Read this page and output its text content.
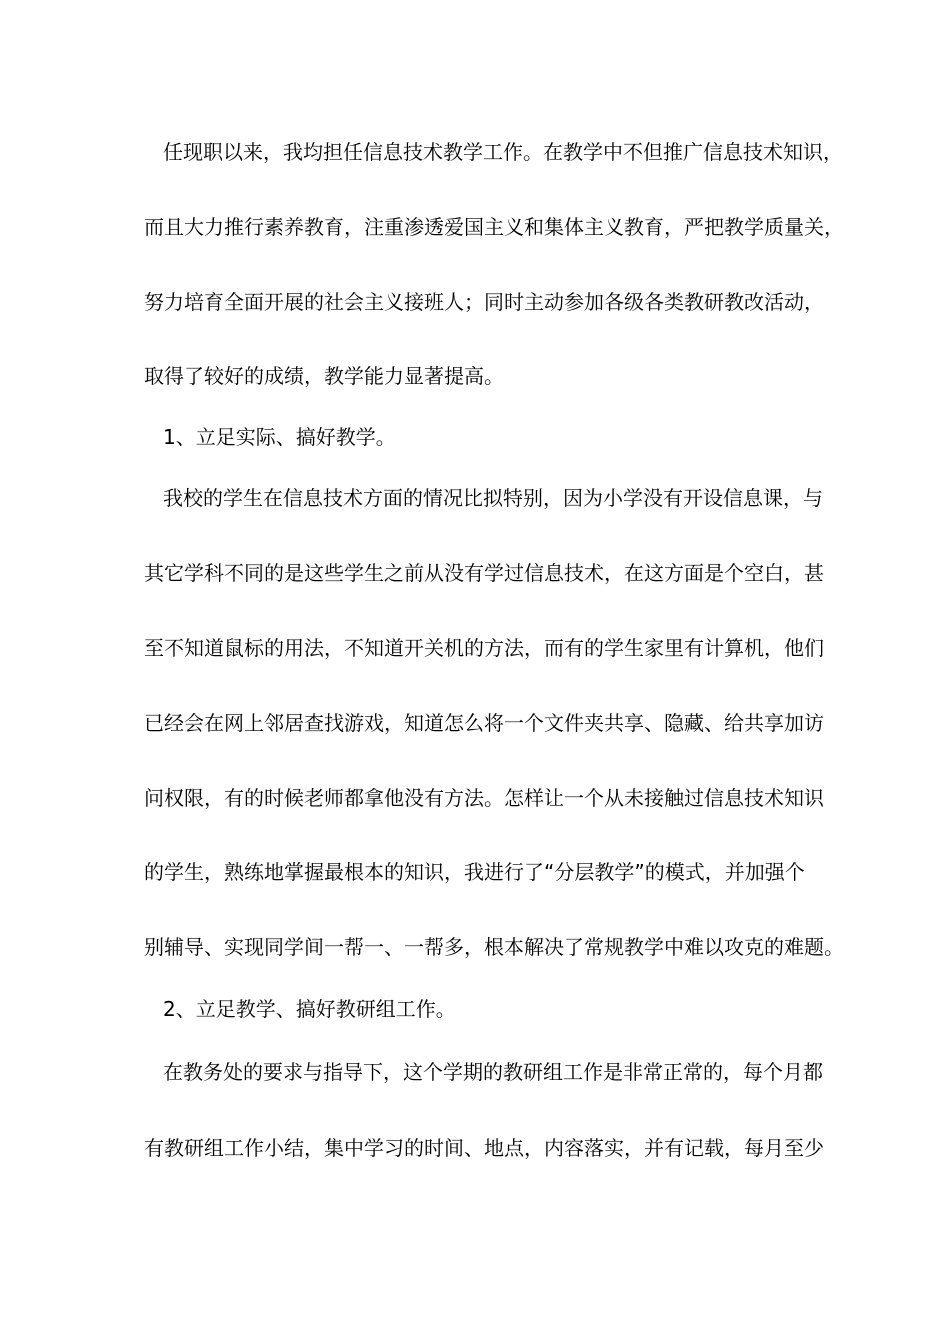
任现职以来，我均担任信息技术教学工作。在教学中不但推广信息技术知识，
而且大力推行素养教育，注重渗透爱国主义和集体主义教育，严把教学质量关，
努力培育全面开展的社会主义接班人；同时主动参加各级各类教研教改活动，
取得了较好的成绩，教学能力显著提高。
1、立足实际、搞好教学。
我校的学生在信息技术方面的情况比拟特别，因为小学没有开设信息课，与
其它学科不同的是这些学生之前从没有学过信息技术，在这方面是个空白，甚
至不知道鼠标的用法，不知道开关机的方法，而有的学生家里有计算机，他们
已经会在网上邻居查找游戏，知道怎么将一个文件夹共享、隐藏、给共享加访
问权限，有的时候老师都拿他没有方法。怎样让一个从未接触过信息技术知识
的学生，熟练地掌握最根本的知识，我进行了“分层教学”的模式，并加强个
别辅导、实现同学间一帮一、一帮多，根本解决了常规教学中难以攻克的难题。
2、立足教学、搞好教研组工作。
在教务处的要求与指导下，这个学期的教研组工作是非常正常的，每个月都
有教研组工作小结，集中学习的时间、地点，内容落实，并有记载，每月至少
